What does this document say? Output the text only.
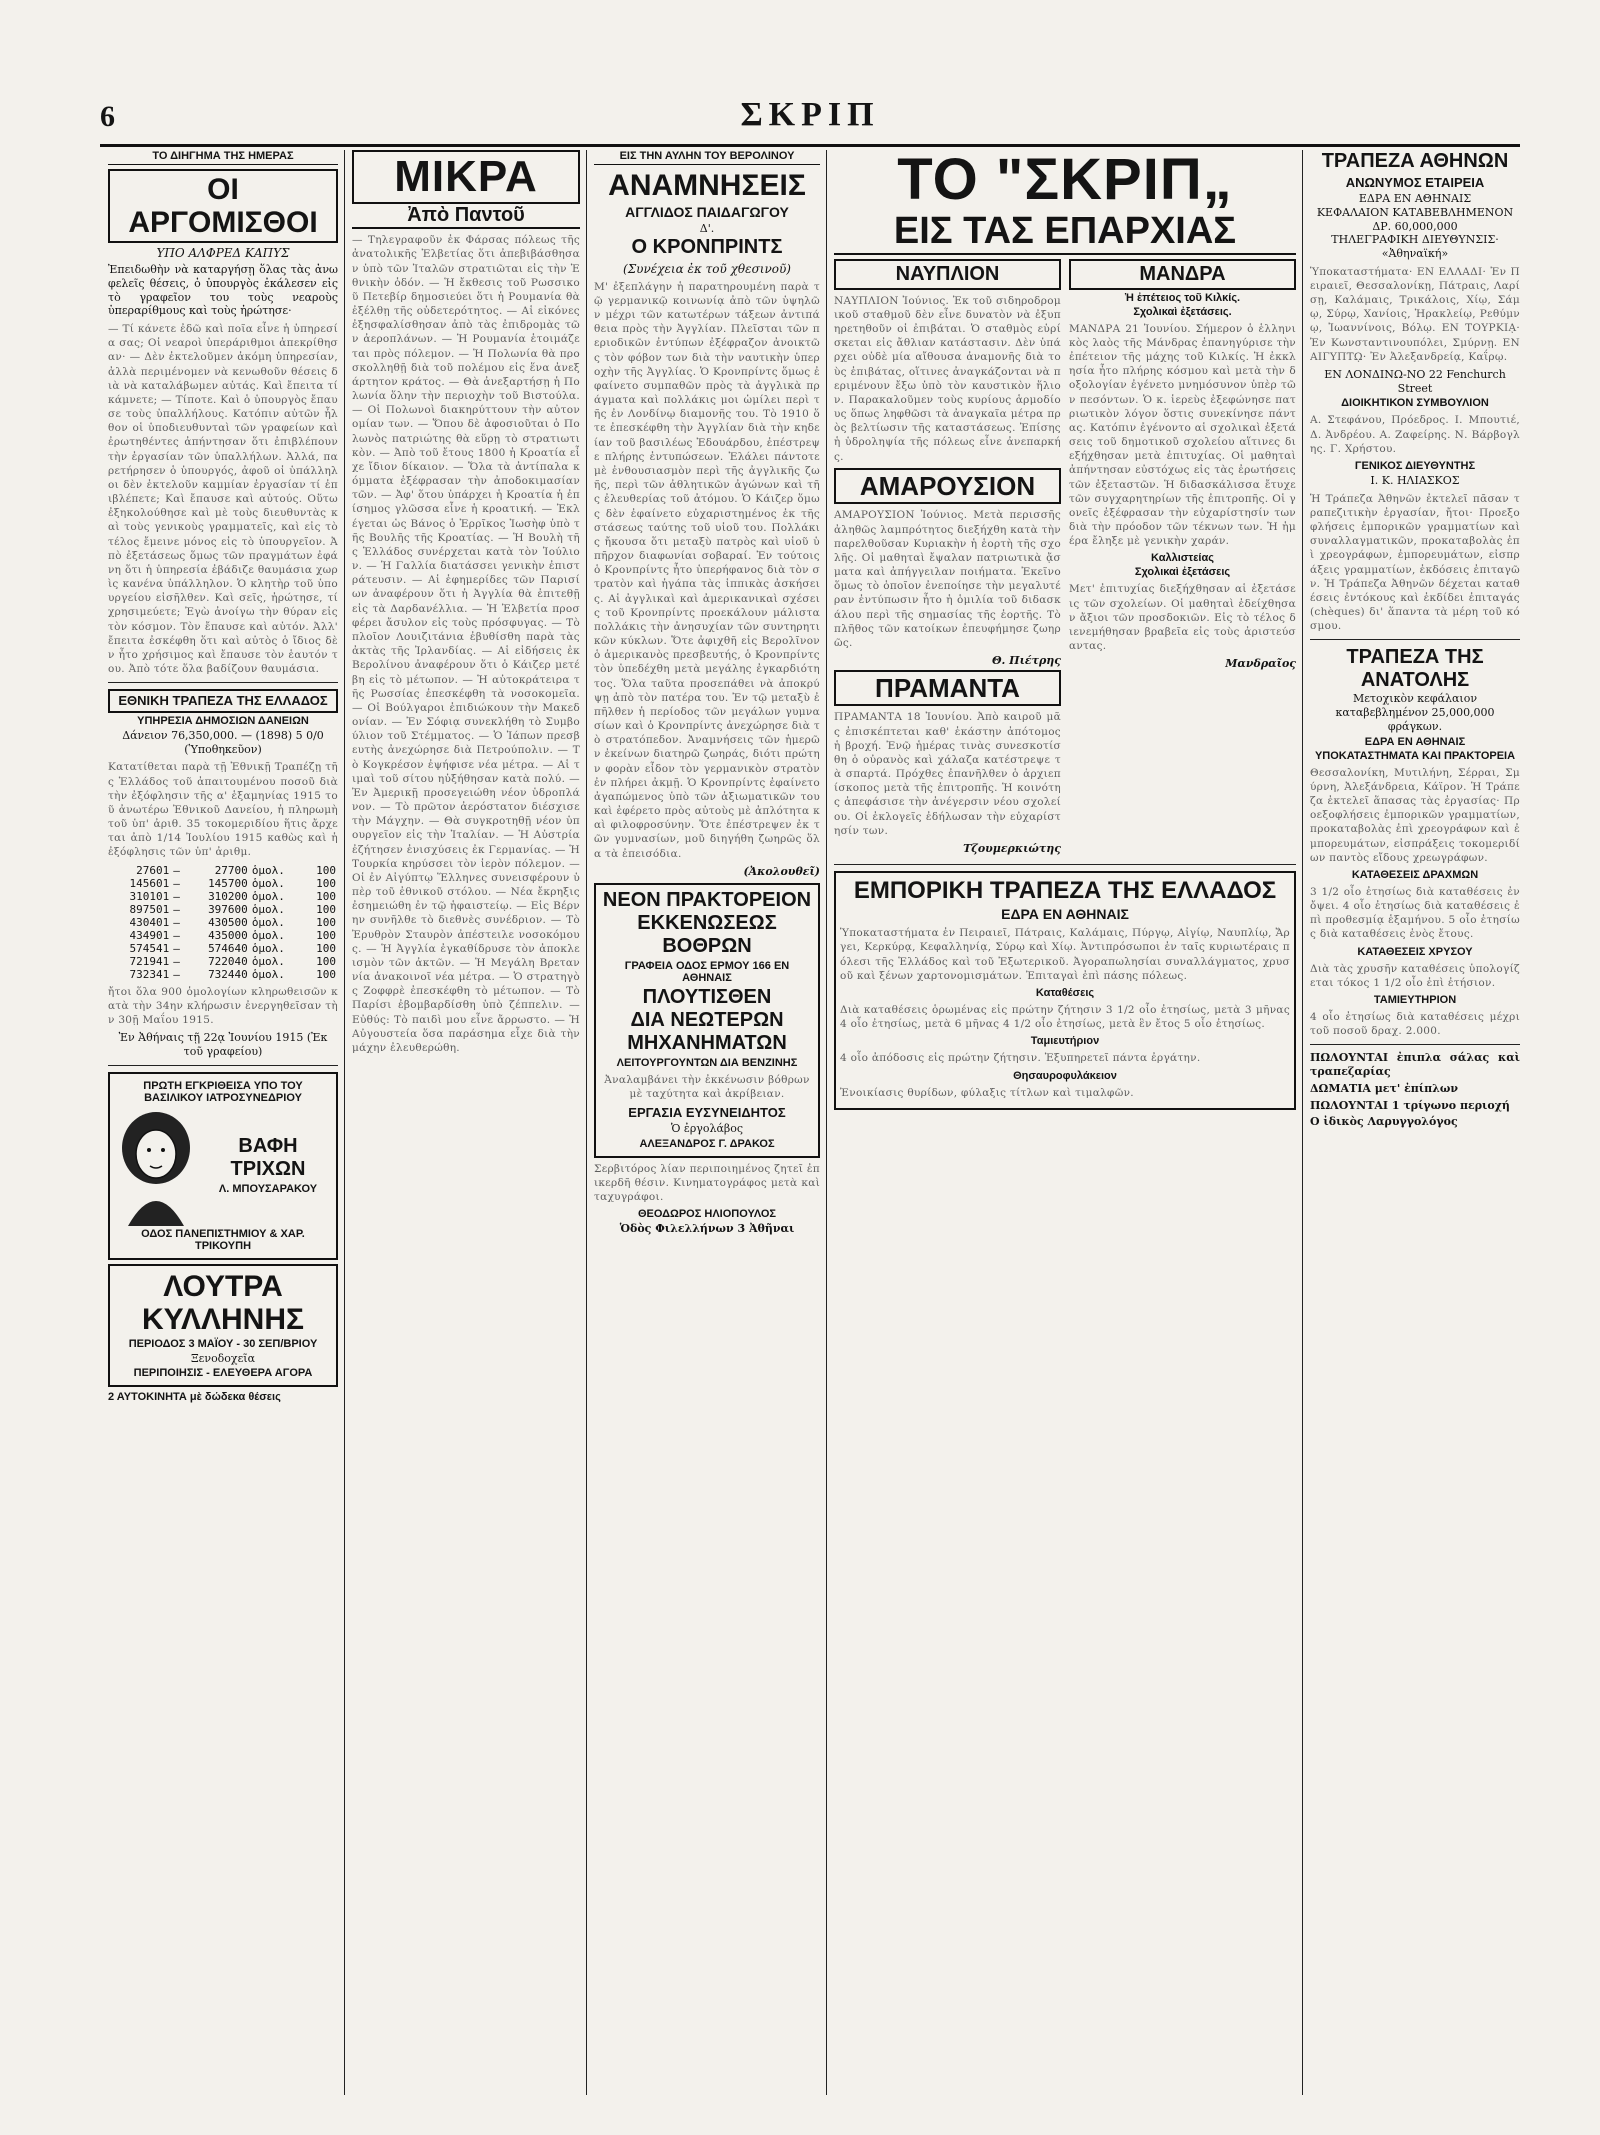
6	ΣΚΡΙΠ
ΤΟ ΔΙΗΓΗΜΑ ΤΗΣ ΗΜΕΡΑΣ
ΟΙ ΑΡΓΟΜΙΣΘΟΙ
ΥΠΟ ΑΛΦΡΕΔ ΚΑΠΥΣ
Ἐπειδωθὴν νὰ καταργήσῃ ὅλας τὰς ἀνω φελεῖς θέσεις, ὁ ὑπουργὸς ἐκάλεσεν εἰς τὸ γραφεῖον του τοὺς νεαροὺς ὑπεραρίθμους καὶ τοὺς ἠρώτησε·
— Τί κάνετε ἐδῶ καὶ ποῖα εἶνε ἡ ὑπηρεσία σας; Οἱ νεαροὶ ὑπεράριθμοι ἀπεκρίθησαν· — Δὲν ἐκτελοῦμεν ἀκόμη ὑπηρεσίαν, ἀλλὰ περιμένομεν νὰ κενωθοῦν θέσεις διὰ νὰ καταλάβωμεν αὐτάς. Καὶ ἔπειτα τί κάμνετε; — Τίποτε. Καὶ ὁ ὑπουργὸς ἔπαυσε τοὺς ὑπαλλήλους. Κατόπιν αὐτῶν ἦλθον οἱ ὑποδιευθυνταὶ τῶν γραφείων καὶ ἐρωτηθέντες ἀπήντησαν ὅτι ἐπιβλέπουν τὴν ἐργασίαν τῶν ὑπαλλήλων. Ἀλλά, παρετήρησεν ὁ ὑπουργός, ἀφοῦ οἱ ὑπάλληλοι δὲν ἐκτελοῦν καμμίαν ἐργασίαν τί ἐπιβλέπετε; Καὶ ἔπαυσε καὶ αὐτούς. Οὕτω ἐξηκολούθησε καὶ μὲ τοὺς διευθυντὰς καὶ τοὺς γενικοὺς γραμματεῖς, καὶ εἰς τὸ τέλος ἔμεινε μόνος εἰς τὸ ὑπουργεῖον. Ἀπὸ ἐξετάσεως ὅμως τῶν πραγμάτων ἐφάνη ὅτι ἡ ὑπηρεσία ἐβάδιζε θαυμάσια χωρὶς κανένα ὑπάλληλον. Ὁ κλητὴρ τοῦ ὑπουργείου εἰσῆλθεν. Καὶ σεῖς, ἠρώτησε, τί χρησιμεύετε; Ἐγὼ ἀνοίγω τὴν θύραν εἰς τὸν κόσμον. Τὸν ἔπαυσε καὶ αὐτόν. Ἀλλ' ἔπειτα ἐσκέφθη ὅτι καὶ αὐτὸς ὁ ἴδιος δὲν ἦτο χρήσιμος καὶ ἔπαυσε τὸν ἑαυτόν του. Ἀπὸ τότε ὅλα βαδίζουν θαυμάσια.
ΕΘΝΙΚΗ ΤΡΑΠΕΖΑ ΤΗΣ ΕΛΛΑΔΟΣ
ΥΠΗΡΕΣΙΑ ΔΗΜΟΣΙΩΝ ΔΑΝΕΙΩΝ
Δάνειον 76,350,000. — (1898) 5 0/0 (Ὑποθηκεῦον)
Κατατίθεται παρὰ τῇ Ἐθνικῇ Τραπέζῃ τῆς Ἑλλάδος τοῦ ἀπαιτουμένου ποσοῦ διὰ τὴν ἐξόφλησιν τῆς α' ἑξαμηνίας 1915 τοῦ ἀνωτέρω Ἐθνικοῦ Δανείου, ἡ πληρωμὴ τοῦ ὑπ' ἀριθ. 35 τοκομεριδίου ἥτις ἄρχεται ἀπὸ 1/14 Ἰουλίου 1915 καθὼς καὶ ἡ ἐξόφλησις τῶν ὑπ' ἀριθμ.
27601	—	27700	ὁμολ.	100
145601	—	145700	ὁμολ.	100
310101	—	310200	ὁμολ.	100
897501	—	397600	ὁμολ.	100
430401	—	430500	ὁμολ.	100
434901	—	435000	ὁμολ.	100
574541	—	574640	ὁμολ.	100
721941	—	722040	ὁμολ.	100
732341	—	732440	ὁμολ.	100
ἤτοι ὅλα 900 ὁμολογίων κληρωθεισῶν κατὰ τὴν 34ην κλήρωσιν ἐνεργηθεῖσαν τὴν 30ῇ Μαΐου 1915.
Ἐν Ἀθήναις τῇ 22ᾳ Ἰουνίου 1915 (Ἐκ τοῦ γραφείου)
ΠΡΩΤΗ ΕΓΚΡΙΘΕΙΣΑ ΥΠΟ ΤΟΥ ΒΑΣΙΛΙΚΟΥ ΙΑΤΡΟΣΥΝΕΔΡΙΟΥ
ΒΑΦΗ ΤΡΙΧΩΝ
Λ. ΜΠΟΥΣΑΡΑΚΟΥ
ΟΔΟΣ ΠΑΝΕΠΙΣΤΗΜΙΟΥ & ΧΑΡ. ΤΡΙΚΟΥΠΗ
ΛΟΥΤΡΑ
ΚΥΛΛΗΝΗΣ
ΠΕΡΙΟΔΟΣ 3 ΜΑΪΟΥ - 30 ΣΕΠ/ΒΡΙΟΥ
Ξενοδοχεῖα
ΠΕΡΙΠΟΙΗΣΙΣ - ΕΛΕΥΘΕΡΑ ΑΓΟΡΑ
2 ΑΥΤΟΚΙΝΗΤΑ μὲ δώδεκα θέσεις
ΜΙΚΡΑ
Ἀπὸ Παντοῦ
— Τηλεγραφοῦν ἐκ Φάρσας πόλεως τῆς ἀνατολικῆς Ἐλβετίας ὅτι ἀπεβιβάσθησαν ὑπὸ τῶν Ἰταλῶν στρατιῶται εἰς τὴν Ἐθνικὴν ὁδόν. — Ἡ ἔκθεσις τοῦ Ρωσσικοῦ Πετεβίρ δημοσιεύει ὅτι ἡ Ρουμανία θὰ ἐξέλθῃ τῆς οὐδετερότητος. — Αἱ εἰκόνες ἐξησφαλίσθησαν ἀπὸ τὰς ἐπιδρομὰς τῶν ἀεροπλάνων. — Ἡ Ρουμανία ἑτοιμάζεται πρὸς πόλεμον. — Ἡ Πολωνία θὰ προσκολληθῇ διὰ τοῦ πολέμου εἰς ἕνα ἀνεξάρτητον κράτος. — Θὰ ἀνεξαρτήσῃ ἡ Πολωνία ὅλην τὴν περιοχὴν τοῦ Βιστούλα. — Οἱ Πολωνοὶ διακηρύττουν τὴν αὐτονομίαν των. — Ὅπου δὲ ἀφοσιοῦται ὁ Πολωνὸς πατριώτης θὰ εὕρῃ τὸ στρατιωτικὸν. — Ἀπὸ τοῦ ἔτους 1800 ἡ Κροατία εἶχε ἴδιον δίκαιον. — Ὅλα τὰ ἀντίπαλα κόμματα ἐξέφρασαν τὴν ἀποδοκιμασίαν τῶν. — Ἀφ' ὅτου ὑπάρχει ἡ Κροατία ἡ ἐπίσημος γλῶσσα εἶνε ἡ κροατική. — Ἐκλέγεται ὡς Βάνος ὁ Ἐρρῖκος Ἰωσὴφ ὑπὸ τῆς Βουλῆς τῆς Κροατίας. — Ἡ Βουλὴ τῆς Ἑλλάδος συνέρχεται κατὰ τὸν Ἰούλιον. — Ἡ Γαλλία διατάσσει γενικὴν ἐπιστράτευσιν. — Αἱ ἐφημερίδες τῶν Παρισίων ἀναφέρουν ὅτι ἡ Ἀγγλία θὰ ἐπιτεθῇ εἰς τὰ Δαρδανέλλια. — Ἡ Ἐλβετία προσφέρει ἄσυλον εἰς τοὺς πρόσφυγας. — Τὸ πλοῖον Λουιζιτάνια ἐβυθίσθη παρὰ τὰς ἀκτὰς τῆς Ἰρλανδίας. — Αἱ εἰδήσεις ἐκ Βερολίνου ἀναφέρουν ὅτι ὁ Κάιζερ μετέβη εἰς τὸ μέτωπον. — Ἡ αὐτοκράτειρα τῆς Ρωσσίας ἐπεσκέφθη τὰ νοσοκομεῖα. — Οἱ Βούλγαροι ἐπιδιώκουν τὴν Μακεδονίαν. — Ἐν Σόφιᾳ συνεκλήθη τὸ Συμβούλιον τοῦ Στέμματος. — Ὁ Ἰάπων πρεσβευτὴς ἀνεχώρησε διὰ Πετρούπολιν. — Τὸ Κογκρέσον ἐψήφισε νέα μέτρα. — Αἱ τιμαὶ τοῦ σίτου ηὐξήθησαν κατὰ πολύ. — Ἐν Ἀμερικῇ προσεγειώθη νέον ὑδροπλάνον. — Τὸ πρῶτον ἀερόστατον διέσχισε τὴν Μάγχην. — Θὰ συγκροτηθῇ νέον ὑπουργεῖον εἰς τὴν Ἰταλίαν. — Ἡ Αὐστρία ἐζήτησεν ἐνισχύσεις ἐκ Γερμανίας. — Ἡ Τουρκία κηρύσσει τὸν ἱερὸν πόλεμον. — Οἱ ἐν Αἰγύπτῳ Ἕλληνες συνεισφέρουν ὑπὲρ τοῦ ἐθνικοῦ στόλου. — Νέα ἔκρηξις ἐσημειώθη ἐν τῷ ἡφαιστείῳ. — Εἰς Βέρνην συνῆλθε τὸ διεθνὲς συνέδριον. — Τὸ Ἐρυθρὸν Σταυρὸν ἀπέστειλε νοσοκόμους. — Ἡ Ἀγγλία ἐγκαθίδρυσε τὸν ἀποκλεισμὸν τῶν ἀκτῶν. — Ἡ Μεγάλη Βρεταννία ἀνακοινοῖ νέα μέτρα. — Ὁ στρατηγὸς Ζοφφρὲ ἐπεσκέφθη τὸ μέτωπον. — Τὸ Παρίσι ἐβομβαρδίσθη ὑπὸ ζέππελιν. — Εὐθύς: Τὸ παιδὶ μου εἶνε ἄρρωστο. — Ἡ Αὐγουστεία ὅσα παράσημα εἶχε διὰ τὴν μάχην ἐλευθερώθη.
ΕΙΣ ΤΗΝ ΑΥΛΗΝ ΤΟΥ ΒΕΡΟΛΙΝΟΥ
ΑΝΑΜΝΗΣΕΙΣ
ΑΓΓΛΙΔΟΣ ΠΑΙΔΑΓΩΓΟΥ
Δ'.
Ο ΚΡΟΝΠΡΙΝΤΣ
(Συνέχεια ἐκ τοῦ χθεσινοῦ)
Μ' ἐξεπλάγην ἡ παρατηρουμένη παρὰ τῷ γερμανικῷ κοινωνίᾳ ἀπὸ τῶν ὑψηλῶν μέχρι τῶν κατωτέρων τάξεων ἀντιπάθεια πρὸς τὴν Ἀγγλίαν. Πλεῖσται τῶν περιοδικῶν ἐντύπων ἐξέφραζον ἀνοικτῶς τὸν φόβον των διὰ τὴν ναυτικὴν ὑπεροχὴν τῆς Ἀγγλίας. Ὁ Κρονπρίντς ὅμως ἐφαίνετο συμπαθῶν πρὸς τὰ ἀγγλικὰ πράγματα καὶ πολλάκις μοι ὡμίλει περὶ τῆς ἐν Λονδίνῳ διαμονῆς του. Τὸ 1910 ὅτε ἐπεσκέφθη τὴν Ἀγγλίαν διὰ τὴν κηδείαν τοῦ βασιλέως Ἐδουάρδου, ἐπέστρεψε πλήρης ἐντυπώσεων. Ἐλάλει πάντοτε μὲ ἐνθουσιασμὸν περὶ τῆς ἀγγλικῆς ζωῆς, περὶ τῶν ἀθλητικῶν ἀγώνων καὶ τῆς ἐλευθερίας τοῦ ἀτόμου. Ὁ Κάιζερ ὅμως δὲν ἐφαίνετο εὐχαριστημένος ἐκ τῆς στάσεως ταύτης τοῦ υἱοῦ του. Πολλάκις ἤκουσα ὅτι μεταξὺ πατρὸς καὶ υἱοῦ ὑπῆρχον διαφωνίαι σοβαραί. Ἐν τούτοις ὁ Κρονπρίντς ἦτο ὑπερήφανος διὰ τὸν στρατὸν καὶ ἡγάπα τὰς ἱππικὰς ἀσκήσεις. Αἱ ἀγγλικαὶ καὶ ἀμερικανικαὶ σχέσεις τοῦ Κρονπρίντς προεκάλουν μάλιστα πολλάκις τὴν ἀνησυχίαν τῶν συντηρητικῶν κύκλων. Ὅτε ἀφιχθῆ εἰς Βερολῖνον ὁ ἀμερικανὸς πρεσβευτής, ὁ Κρονπρίντς τὸν ὑπεδέχθη μετὰ μεγάλης ἐγκαρδιότητος. Ὅλα ταῦτα προσεπάθει νὰ ἀποκρύψῃ ἀπὸ τὸν πατέρα του. Ἐν τῷ μεταξὺ ἐπῆλθεν ἡ περίοδος τῶν μεγάλων γυμνασίων καὶ ὁ Κρονπρίντς ἀνεχώρησε διὰ τὸ στρατόπεδον. Ἀναμνήσεις τῶν ἡμερῶν ἐκείνων διατηρῶ ζωηράς, διότι πρώτην φορὰν εἶδον τὸν γερμανικὸν στρατὸν ἐν πλήρει ἀκμῇ. Ὁ Κρονπρίντς ἐφαίνετο ἀγαπώμενος ὑπὸ τῶν ἀξιωματικῶν του καὶ ἐφέρετο πρὸς αὐτοὺς μὲ ἀπλότητα καὶ φιλοφροσύνην. Ὅτε ἐπέστρεψεν ἐκ τῶν γυμνασίων, μοῦ διηγήθη ζωηρῶς ὅλα τὰ ἐπεισόδια.
(Ἀκολουθεῖ)
ΝΕΟΝ ΠΡΑΚΤΟΡΕΙΟΝ
ΕΚΚΕΝΩΣΕΩΣ ΒΟΘΡΩΝ
ΓΡΑΦΕΙΑ ΟΔΟΣ ΕΡΜΟΥ 166 ΕΝ ΑΘΗΝΑΙΣ
ΠΛΟΥΤΙΣΘΕΝ
ΔΙΑ ΝΕΩΤΕΡΩΝ ΜΗΧΑΝΗΜΑΤΩΝ
ΛΕΙΤΟΥΡΓΟΥΝΤΩΝ ΔΙΑ ΒΕΝΖΙΝΗΣ
Ἀναλαμβάνει τὴν ἐκκένωσιν βόθρων μὲ ταχύτητα καὶ ἀκρίβειαν.
ΕΡΓΑΣΙΑ ΕΥΣΥΝΕΙΔΗΤΟΣ
Ὁ ἐργολάβος
ΑΛΕΞΑΝΔΡΟΣ Γ. ΔΡΑΚΟΣ
Σερβιτόρος λίαν περιποιημένος ζητεῖ ἐπικερδῆ θέσιν. Κινηματογράφος μετὰ καὶ ταχυγράφοι.
ΘΕΟΔΩΡΟΣ ΗΛΙΟΠΟΥΛΟΣ
Ὁδὸς Φιλελλήνων 3 Ἀθῆναι
ΤΟ "ΣΚΡΙΠ„
ΕΙΣ ΤΑΣ ΕΠΑΡΧΙΑΣ
ΝΑΥΠΛΙΟΝ
ΝΑΥΠΛΙΟΝ Ἰούνιος. Ἐκ τοῦ σιδηροδρομικοῦ σταθμοῦ δὲν εἶνε δυνατὸν νὰ ἐξυπηρετηθοῦν οἱ ἐπιβάται. Ὁ σταθμὸς εὑρίσκεται εἰς ἄθλιαν κατάστασιν. Δὲν ὑπάρχει οὐδὲ μία αἴθουσα ἀναμονῆς διὰ τοὺς ἐπιβάτας, οἵτινες ἀναγκάζονται νὰ περιμένουν ἔξω ὑπὸ τὸν καυστικὸν ἥλιον. Παρακαλοῦμεν τοὺς κυρίους ἁρμοδίους ὅπως ληφθῶσι τὰ ἀναγκαῖα μέτρα πρὸς βελτίωσιν τῆς καταστάσεως. Ἐπίσης ἡ ὑδροληψία τῆς πόλεως εἶνε ἀνεπαρκής.
ΑΜΑΡΟΥΣΙΟΝ
ΑΜΑΡΟΥΣΙΟΝ Ἰούνιος. Μετὰ περισσῆς ἀληθῶς λαμπρότητος διεξήχθη κατὰ τὴν παρελθοῦσαν Κυριακὴν ἡ ἑορτὴ τῆς σχολῆς. Οἱ μαθηταὶ ἔψαλαν πατριωτικὰ ᾄσματα καὶ ἀπήγγειλαν ποιήματα. Ἐκεῖνο ὅμως τὸ ὁποῖον ἐνεποίησε τὴν μεγαλυτέραν ἐντύπωσιν ἦτο ἡ ὁμιλία τοῦ διδασκάλου περὶ τῆς σημασίας τῆς ἑορτῆς. Τὸ πλῆθος τῶν κατοίκων ἐπευφήμησε ζωηρῶς.
Θ. Πιέτρης
ΠΡΑΜΑΝΤΑ
ΠΡΑΜΑΝΤΑ 18 Ἰουνίου. Ἀπὸ καιροῦ μᾶς ἐπισκέπτεται καθ' ἑκάστην ἀπότομος ἡ βροχή. Ἐνῷ ἡμέρας τινὰς συνεσκοτίσθη ὁ οὐρανὸς καὶ χάλαζα κατέστρεψε τὰ σπαρτά. Πρόχθες ἐπανῆλθεν ὁ ἀρχιεπίσκοπος μετὰ τῆς ἐπιτροπῆς. Ἡ κοινότης ἀπεφάσισε τὴν ἀνέγερσιν νέου σχολείου. Οἱ ἐκλογεῖς ἐδήλωσαν τὴν εὐχαρίστησίν των.
Τζουμερκιώτης
ΜΑΝΔΡΑ
Ἡ ἐπέτειος τοῦ Κιλκίς.
Σχολικαὶ ἐξετάσεις.
ΜΑΝΔΡΑ 21 Ἰουνίου. Σήμερον ὁ ἑλληνικὸς λαὸς τῆς Μάνδρας ἐπανηγύρισε τὴν ἐπέτειον τῆς μάχης τοῦ Κιλκίς. Ἡ ἐκκλησία ἦτο πλήρης κόσμου καὶ μετὰ τὴν δοξολογίαν ἐγένετο μνημόσυνον ὑπὲρ τῶν πεσόντων. Ὁ κ. ἱερεὺς ἐξεφώνησε πατριωτικὸν λόγον ὅστις συνεκίνησε πάντας. Κατόπιν ἐγένοντο αἱ σχολικαὶ ἐξετάσεις τοῦ δημοτικοῦ σχολείου αἵτινες διεξήχθησαν μετὰ ἐπιτυχίας. Οἱ μαθηταὶ ἀπήντησαν εὐστόχως εἰς τὰς ἐρωτήσεις τῶν ἐξεταστῶν. Ἡ διδασκάλισσα ἔτυχε τῶν συγχαρητηρίων τῆς ἐπιτροπῆς. Οἱ γονεῖς ἐξέφρασαν τὴν εὐχαρίστησίν των διὰ τὴν πρόοδον τῶν τέκνων των. Ἡ ἡμέρα ἔληξε μὲ γενικὴν χαράν.
Καλλιστείας
Σχολικαὶ ἐξετάσεις
Μετ' ἐπιτυχίας διεξήχθησαν αἱ ἐξετάσεις τῶν σχολείων. Οἱ μαθηταὶ ἐδείχθησαν ἄξιοι τῶν προσδοκιῶν. Εἰς τὸ τέλος διενεμήθησαν βραβεῖα εἰς τοὺς ἀριστεύσαντας.
Μανδραῖος
ΕΜΠΟΡΙΚΗ ΤΡΑΠΕΖΑ ΤΗΣ ΕΛΛΑΔΟΣ
ΕΔΡΑ ΕΝ ΑΘΗΝΑΙΣ
Ὑποκαταστήματα ἐν Πειραιεῖ, Πάτραις, Καλάμαις, Πύργῳ, Αἰγίῳ, Ναυπλίῳ, Ἄργει, Κερκύρᾳ, Κεφαλληνίᾳ, Σύρῳ καὶ Χίῳ. Ἀντιπρόσωποι ἐν ταῖς κυριωτέραις πόλεσι τῆς Ἑλλάδος καὶ τοῦ Ἐξωτερικοῦ. Ἀγοραπωλησίαι συναλλάγματος, χρυσοῦ καὶ ξένων χαρτονομισμάτων. Ἐπιταγαὶ ἐπὶ πάσης πόλεως.
Καταθέσεις
Διὰ καταθέσεις ὁρωμένας εἰς πρώτην ζήτησιν 3 1/2 οἷο ἐτησίως, μετὰ 3 μῆνας 4 οἷο ἐτησίως, μετὰ 6 μῆνας 4 1/2 οἷο ἐτησίως, μετὰ ἓν ἔτος 5 οἷο ἐτησίως.
Ταμιευτήριον
4 οἷο ἀπόδοσις εἰς πρώτην ζήτησιν. Ἐξυπηρετεῖ πάντα ἐργάτην.
Θησαυροφυλάκειον
Ἐνοικίασις θυρίδων, φύλαξις τίτλων καὶ τιμαλφῶν.
ΤΡΑΠΕΖΑ ΑΘΗΝΩΝ
ΑΝΩΝΥΜΟΣ ΕΤΑΙΡΕΙΑ
ΕΔΡΑ ΕΝ ΑΘΗΝΑΙΣ
ΚΕΦΑΛΑΙΟΝ ΚΑΤΑΒΕΒΛΗΜΕΝΟΝ ΔΡ. 60,000,000
ΤΗΛΕΓΡΑΦΙΚΗ ΔΙΕΥΘΥΝΣΙΣ· «Ἀθηναϊκή»
Ὑποκαταστήματα· ΕΝ ΕΛΛΑΔΙ· Ἐν Πειραιεῖ, Θεσσαλονίκῃ, Πάτραις, Λαρίσῃ, Καλάμαις, Τρικάλοις, Χίῳ, Σάμῳ, Σύρῳ, Χανίοις, Ἡρακλείῳ, Ρεθύμνῳ, Ἰωαννίνοις, Βόλῳ. ΕΝ ΤΟΥΡΚΙᾼ· Ἐν Κωνσταντινουπόλει, Σμύρνῃ. ΕΝ ΑΙΓΥΠΤῼ· Ἐν Ἀλεξανδρείᾳ, Καΐρῳ.
ΕΝ ΛΟΝΔΙΝΩ-ΝΟ 22 Fenchurch Street
ΔΙΟΙΚΗΤΙΚΟΝ ΣΥΜΒΟΥΛΙΟΝ
Α. Στεφάνου, Πρόεδρος. Ι. Μπουτιέ, Δ. Ἀνδρέου. Α. Ζαφείρης. Ν. Βάρβογλης. Γ. Χρήστου.
ΓΕΝΙΚΟΣ ΔΙΕΥΘΥΝΤΗΣ
Ι. Κ. ΗΛΙΑΣΚΟΣ
Ἡ Τράπεζα Ἀθηνῶν ἐκτελεῖ πᾶσαν τραπεζιτικὴν ἐργασίαν, ἤτοι· Προεξοφλήσεις ἐμπορικῶν γραμματίων καὶ συναλλαγματικῶν, προκαταβολὰς ἐπὶ χρεογράφων, ἐμπορευμάτων, εἰσπράξεις γραμματίων, ἐκδόσεις ἐπιταγῶν. Ἡ Τράπεζα Ἀθηνῶν δέχεται καταθέσεις ἐντόκους καὶ ἐκδίδει ἐπιταγάς (chèques) δι' ἅπαντα τὰ μέρη τοῦ κόσμου.
ΤΡΑΠΕΖΑ ΤΗΣ ΑΝΑΤΟΛΗΣ
Μετοχικὸν κεφάλαιον καταβεβλημένον 25,000,000 φράγκων.
ΕΔΡΑ ΕΝ ΑΘΗΝΑΙΣ
ΥΠΟΚΑΤΑΣΤΗΜΑΤΑ ΚΑΙ ΠΡΑΚΤΟΡΕΙΑ
Θεσσαλονίκη, Μυτιλήνη, Σέρραι, Σμύρνη, Ἀλεξάνδρεια, Κάϊρον. Ἡ Τράπεζα ἐκτελεῖ ἅπασας τὰς ἐργασίας· Προεξοφλήσεις ἐμπορικῶν γραμματίων, προκαταβολὰς ἐπὶ χρεογράφων καὶ ἐμπορευμάτων, εἰσπράξεις τοκομεριδίων παντὸς εἴδους χρεωγράφων.
ΚΑΤΑΘΕΣΕΙΣ ΔΡΑΧΜΩΝ
3 1/2 οἷο ἐτησίως διὰ καταθέσεις ἐν ὄψει. 4 οἷο ἐτησίως διὰ καταθέσεις ἐπὶ προθεσμίᾳ ἑξαμήνου. 5 οἷο ἐτησίως διὰ καταθέσεις ἐνὸς ἔτους.
ΚΑΤΑΘΕΣΕΙΣ ΧΡΥΣΟΥ
Διὰ τὰς χρυσῆν καταθέσεις ὑπολογίζεται τόκος 1 1/2 οἷο ἐπὶ ἐτήσιον.
ΤΑΜΙΕΥΤΗΡΙΟΝ
4 οἷο ἐτησίως διὰ καταθέσεις μέχρι τοῦ ποσοῦ δραχ. 2.000.
ΠΩΛΟΥΝΤΑΙ ἐπιπλα σάλας καὶ τραπεζαρίας
ΔΩΜΑΤΙΑ μετ' ἐπίπλων
ΠΩΛΟΥΝΤΑΙ 1 τρίγωνο περιοχή
Ο ἰδικὸς Λαρυγγολόγος
